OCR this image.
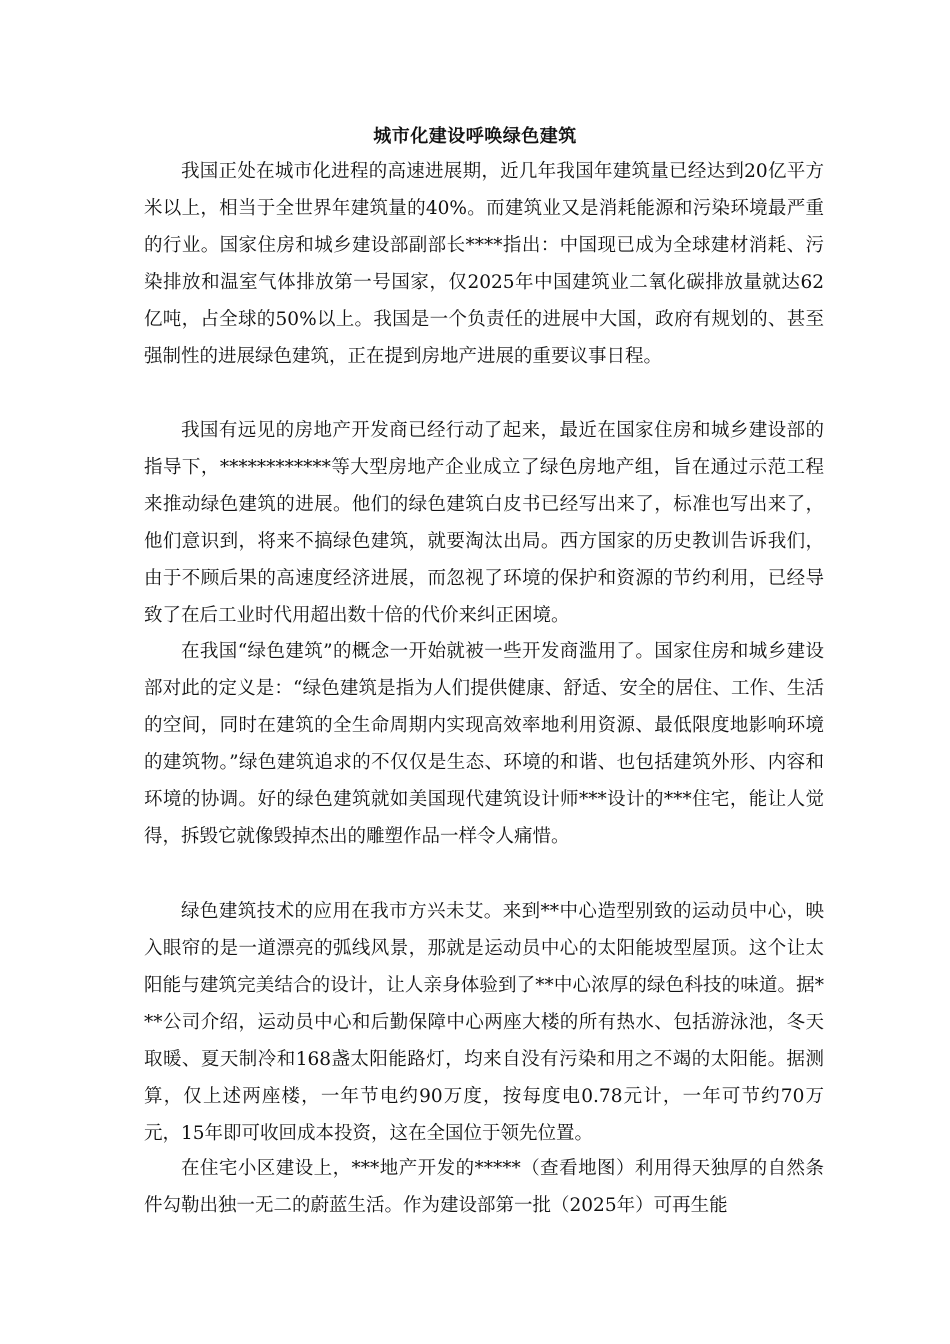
城市化建设呼唤绿色建筑

我国正处在城市化进程的高速进展期，近几年我国年建筑量已经达到20亿平方米以上，相当于全世界年建筑量的40%。而建筑业又是消耗能源和污染环境最严重的行业。国家住房和城乡建设部副部长****指出：中国现已成为全球建材消耗、污染排放和温室气体排放第一号国家，仅2025年中国建筑业二氧化碳排放量就达62亿吨，占全球的50%以上。我国是一个负责任的进展中大国，政府有规划的、甚至强制性的进展绿色建筑，正在提到房地产进展的重要议事日程。

我国有远见的房地产开发商已经行动了起来，最近在国家住房和城乡建设部的指导下，************等大型房地产企业成立了绿色房地产组，旨在通过示范工程来推动绿色建筑的进展。他们的绿色建筑白皮书已经写出来了，标准也写出来了，他们意识到，将来不搞绿色建筑，就要淘汰出局。西方国家的历史教训告诉我们，由于不顾后果的高速度经济进展，而忽视了环境的保护和资源的节约利用，已经导致了在后工业时代用超出数十倍的代价来纠正困境。

在我国“绿色建筑”的概念一开始就被一些开发商滥用了。国家住房和城乡建设部对此的定义是：“绿色建筑是指为人们提供健康、舒适、安全的居住、工作、生活的空间，同时在建筑的全生命周期内实现高效率地利用资源、最低限度地影响环境的建筑物。”绿色建筑追求的不仅仅是生态、环境的和谐、也包括建筑外形、内容和环境的协调。好的绿色建筑就如美国现代建筑设计师***设计的***住宅，能让人觉得，拆毁它就像毁掉杰出的雕塑作品一样令人痛惜。

绿色建筑技术的应用在我市方兴未艾。来到**中心造型别致的运动员中心，映入眼帘的是一道漂亮的弧线风景，那就是运动员中心的太阳能坡型屋顶。这个让太阳能与建筑完美结合的设计，让人亲身体验到了**中心浓厚的绿色科技的味道。据***公司介绍，运动员中心和后勤保障中心两座大楼的所有热水、包括游泳池，冬天取暖、夏天制冷和168盏太阳能路灯，均来自没有污染和用之不竭的太阳能。据测算，仅上述两座楼，一年节电约90万度，按每度电0.78元计，一年可节约70万元，15年即可收回成本投资，这在全国位于领先位置。

在住宅小区建设上，***地产开发的*****（查看地图）利用得天独厚的自然条件勾勒出独一无二的蔚蓝生活。作为建设部第一批（2025年）可再生能
